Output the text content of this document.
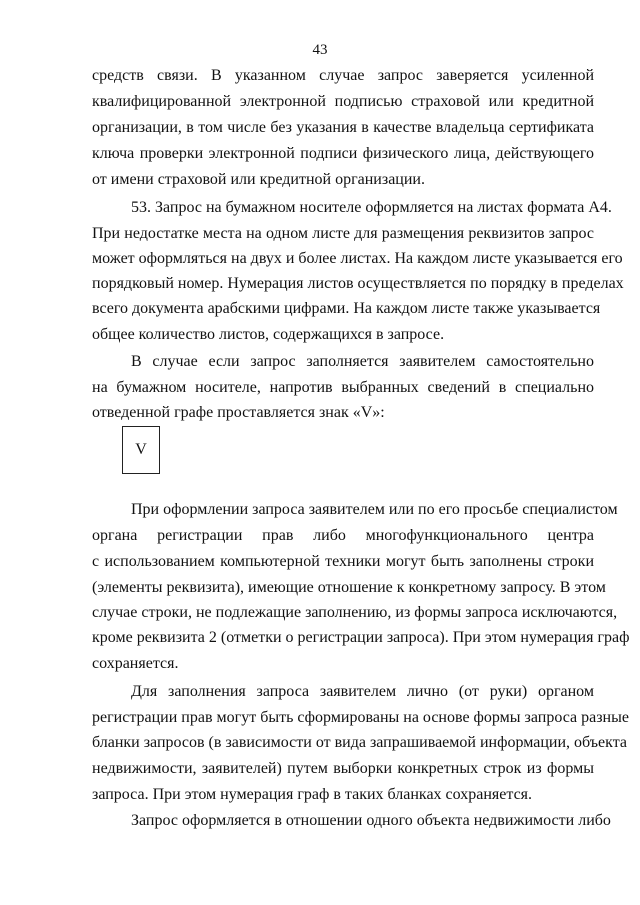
43
средств связи. В указанном случае запрос заверяется усиленной
квалифицированной электронной подписью страховой или кредитной
организации, в том числе без указания в качестве владельца сертификата
ключа проверки электронной подписи физического лица, действующего
от имени страховой или кредитной организации.
53. Запрос на бумажном носителе оформляется на листах формата А4.
При недостатке места на одном листе для размещения реквизитов запрос
может оформляться на двух и более листах. На каждом листе указывается его
порядковый номер. Нумерация листов осуществляется по порядку в пределах
всего документа арабскими цифрами. На каждом листе также указывается
общее количество листов, содержащихся в запросе.
В случае если запрос заполняется заявителем самостоятельно
на бумажном носителе, напротив выбранных сведений в специально
отведенной графе проставляется знак «V»:
V
При оформлении запроса заявителем или по его просьбе специалистом
органа регистрации прав либо многофункционального центра
с использованием компьютерной техники могут быть заполнены строки
(элементы реквизита), имеющие отношение к конкретному запросу. В этом
случае строки, не подлежащие заполнению, из формы запроса исключаются,
кроме реквизита 2 (отметки о регистрации запроса). При этом нумерация граф
сохраняется.
Для заполнения запроса заявителем лично (от руки) органом
регистрации прав могут быть сформированы на основе формы запроса разные
бланки запросов (в зависимости от вида запрашиваемой информации, объекта
недвижимости, заявителей) путем выборки конкретных строк из формы
запроса. При этом нумерация граф в таких бланках сохраняется.
Запрос оформляется в отношении одного объекта недвижимости либо
